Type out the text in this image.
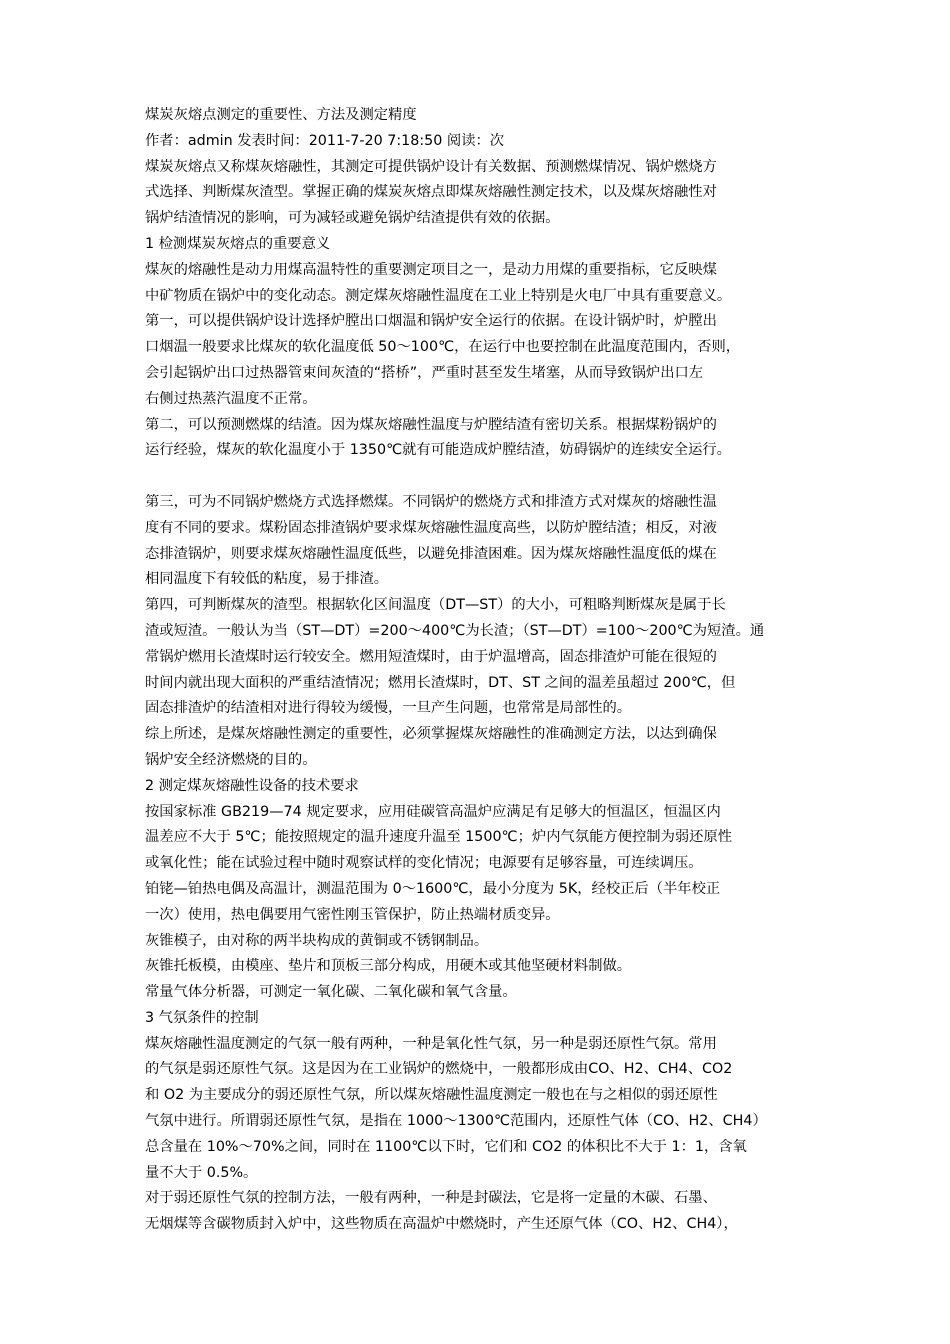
煤炭灰熔点测定的重要性、方法及测定精度
作者：admin 发表时间：2011-7-20 7:18:50 阅读：次
煤炭灰熔点又称煤灰熔融性，其测定可提供锅炉设计有关数据、预测燃煤情况、锅炉燃烧方
式选择、判断煤灰渣型。掌握正确的煤炭灰熔点即煤灰熔融性测定技术，以及煤灰熔融性对
锅炉结渣情况的影响，可为减轻或避免锅炉结渣提供有效的依据。
1 检测煤炭灰熔点的重要意义
煤灰的熔融性是动力用煤高温特性的重要测定项目之一，是动力用煤的重要指标，它反映煤
中矿物质在锅炉中的变化动态。测定煤灰熔融性温度在工业上特别是火电厂中具有重要意义。
第一，可以提供锅炉设计选择炉膛出口烟温和锅炉安全运行的依据。在设计锅炉时，炉膛出
口烟温一般要求比煤灰的软化温度低 50～100℃，在运行中也要控制在此温度范围内，否则，
会引起锅炉出口过热器管束间灰渣的“搭桥”，严重时甚至发生堵塞，从而导致锅炉出口左
右侧过热蒸汽温度不正常。
第二，可以预测燃煤的结渣。因为煤灰熔融性温度与炉膛结渣有密切关系。根据煤粉锅炉的
运行经验，煤灰的软化温度小于 1350℃就有可能造成炉膛结渣，妨碍锅炉的连续安全运行。
第三，可为不同锅炉燃烧方式选择燃煤。不同锅炉的燃烧方式和排渣方式对煤灰的熔融性温
度有不同的要求。煤粉固态排渣锅炉要求煤灰熔融性温度高些，以防炉膛结渣；相反，对液
态排渣锅炉，则要求煤灰熔融性温度低些，以避免排渣困难。因为煤灰熔融性温度低的煤在
相同温度下有较低的粘度，易于排渣。
第四，可判断煤灰的渣型。根据软化区间温度（DT—ST）的大小，可粗略判断煤灰是属于长
渣或短渣。一般认为当（ST—DT）=200～400℃为长渣；（ST—DT）=100～200℃为短渣。通
常锅炉燃用长渣煤时运行较安全。燃用短渣煤时，由于炉温增高，固态排渣炉可能在很短的
时间内就出现大面积的严重结渣情况；燃用长渣煤时，DT、ST 之间的温差虽超过 200℃，但
固态排渣炉的结渣相对进行得较为缓慢，一旦产生问题，也常常是局部性的。
综上所述，是煤灰熔融性测定的重要性，必须掌握煤灰熔融性的准确测定方法，以达到确保
锅炉安全经济燃烧的目的。
2 测定煤灰熔融性设备的技术要求
按国家标准 GB219—74 规定要求，应用硅碳管高温炉应满足有足够大的恒温区，恒温区内
温差应不大于 5℃；能按照规定的温升速度升温至 1500℃；炉内气氛能方便控制为弱还原性
或氧化性；能在试验过程中随时观察试样的变化情况；电源要有足够容量，可连续调压。
铂铑—铂热电偶及高温计，测温范围为 0～1600℃，最小分度为 5K，经校正后（半年校正
一次）使用，热电偶要用气密性刚玉管保护，防止热端材质变异。
灰锥模子，由对称的两半块构成的黄铜或不锈钢制品。
灰锥托板模，由模座、垫片和顶板三部分构成，用硬木或其他坚硬材料制做。
常量气体分析器，可测定一氧化碳、二氧化碳和氧气含量。
3 气氛条件的控制
煤灰熔融性温度测定的气氛一般有两种，一种是氧化性气氛，另一种是弱还原性气氛。常用
的气氛是弱还原性气氛。这是因为在工业锅炉的燃烧中，一般都形成由CO、H2、CH4、CO2
和 O2 为主要成分的弱还原性气氛，所以煤灰熔融性温度测定一般也在与之相似的弱还原性
气氛中进行。所谓弱还原性气氛，是指在 1000～1300℃范围内，还原性气体（CO、H2、CH4）
总含量在 10%～70%之间，同时在 1100℃以下时，它们和 CO2 的体积比不大于 1：1，含氧
量不大于 0.5%。
对于弱还原性气氛的控制方法，一般有两种，一种是封碳法，它是将一定量的木碳、石墨、
无烟煤等含碳物质封入炉中，这些物质在高温炉中燃烧时，产生还原气体（CO、H2、CH4），
